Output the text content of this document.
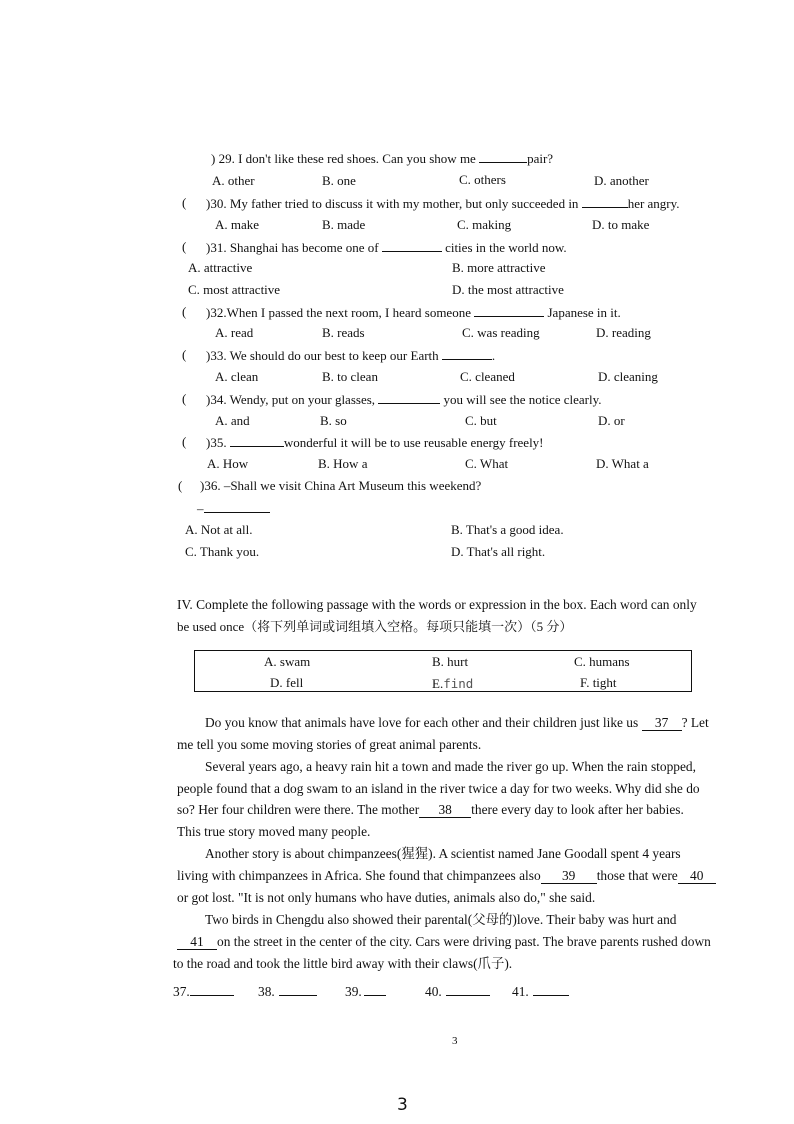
) 29. I don't like these red shoes. Can you show me	pair?
A. other	B. one	C. others	D. another
( )30. My father tried to discuss it with my mother, but only succeeded in	her angry.
A. make	B. made	C. making	D. to make
( )31. Shanghai has become one of	cities in the world now.
A. attractive	B. more attractive
C. most attractive	D. the most attractive
( )32.When I passed the next room, I heard someone	Japanese in it.
A. read	B. reads	C. was reading	D. reading
( )33. We should do our best to keep our Earth	.
A. clean	B. to clean	C. cleaned	D. cleaning
( )34. Wendy, put on your glasses,	you will see the notice clearly.
A. and	B. so	C. but	D. or
( )35.	wonderful it will be to use reusable energy freely!
A. How	B. How a	C. What	D. What a
( )36. –Shall we visit China Art Museum this weekend?
–
A. Not at all.	B. That's a good idea.
C. Thank you.	D. That's all right.
IV. Complete the following passage with the words or expression in the box. Each word can only
be used once（将下列单词或词组填入空格。每项只能填一次）（5 分）
A. swam	B. hurt	C. humans
D. fell	E.find	F. tight
Do you know that animals have love for each other and their children just like us 37 ? Let
me tell you some moving stories of great animal parents.
Several years ago, a heavy rain hit a town and made the river go up. When the rain stopped,
people found that a dog swam to an island in the river twice a day for two weeks. Why did she do
so? Her four children were there. The mother 38 there every day to look after her babies.
This true story moved many people.
Another story is about chimpanzees(猩猩). A scientist named Jane Goodall spent 4 years
living with chimpanzees in Africa. She found that chimpanzees also 39 those that were 40
or got lost. "It is not only humans who have duties, animals also do," she said.
Two birds in Chengdu also showed their parental(父母的)love. Their baby was hurt and
41 on the street in the center of the city. Cars were driving past. The brave parents rushed down
to the road and took the little bird away with their claws(爪子).
37.	38.	39.	40.	41.
3
3
